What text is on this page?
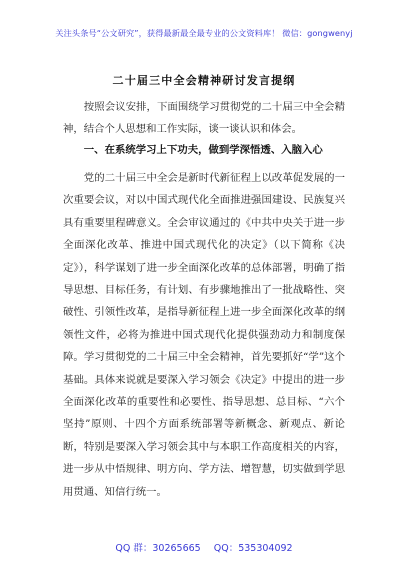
关注头条号“公文研究”，获得最新最全最专业的公文资料库！ 微信：gongwenyj
二十届三中全会精神研讨发言提纲

按照会议安排，下面围绕学习贯彻党的二十届三中全会精神，结合个人思想和工作实际，谈一谈认识和体会。

一、在系统学习上下功夫，做到学深悟透、入脑入心

党的二十届三中全会是新时代新征程上以改革促发展的一次重要会议，对以中国式现代化全面推进强国建设、民族复兴具有重要里程碑意义。全会审议通过的《中共中央关于进一步全面深化改革、推进中国式现代化的决定》（以下简称《决定》），科学谋划了进一步全面深化改革的总体部署，明确了指导思想、目标任务，有计划、有步骤地推出了一批战略性、突破性、引领性改革，是指导新征程上进一步全面深化改革的纲领性文件，必将为推进中国式现代化提供强劲动力和制度保障。学习贯彻党的二十届三中全会精神，首先要抓好“学”这个基础。具体来说就是要深入学习领会《决定》中提出的进一步全面深化改革的重要性和必要性、指导思想、总目标、“六个坚持”原则、十四个方面系统部署等新概念、新观点、新论断，特别是要深入学习领会其中与本职工作高度相关的内容，进一步从中悟规律、明方向、学方法、增智慧，切实做到学思用贯通、知信行统一。

QQ 群：30265665 QQ：535304092
